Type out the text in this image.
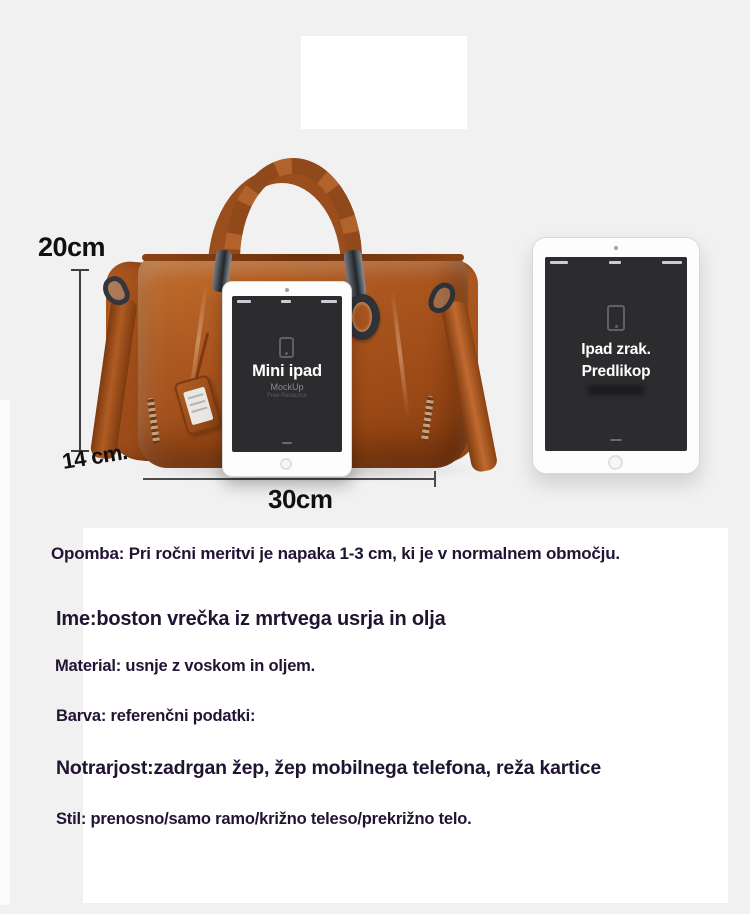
Mini ipad
MockUp
Free Resource
Ipad zrak.
Predlikop
20cm
14 cm.
30cm
Opomba: Pri ročni meritvi je napaka 1-3 cm, ki je v normalnem območju.
Ime:boston vrečka iz mrtvega usrja in olja
Material: usnje z voskom in oljem.
Barva: referenčni podatki:
Notrarjost:zadrgan žep, žep mobilnega telefona, reža kartice
Stil: prenosno/samo ramo/križno teleso/prekrižno telo.
